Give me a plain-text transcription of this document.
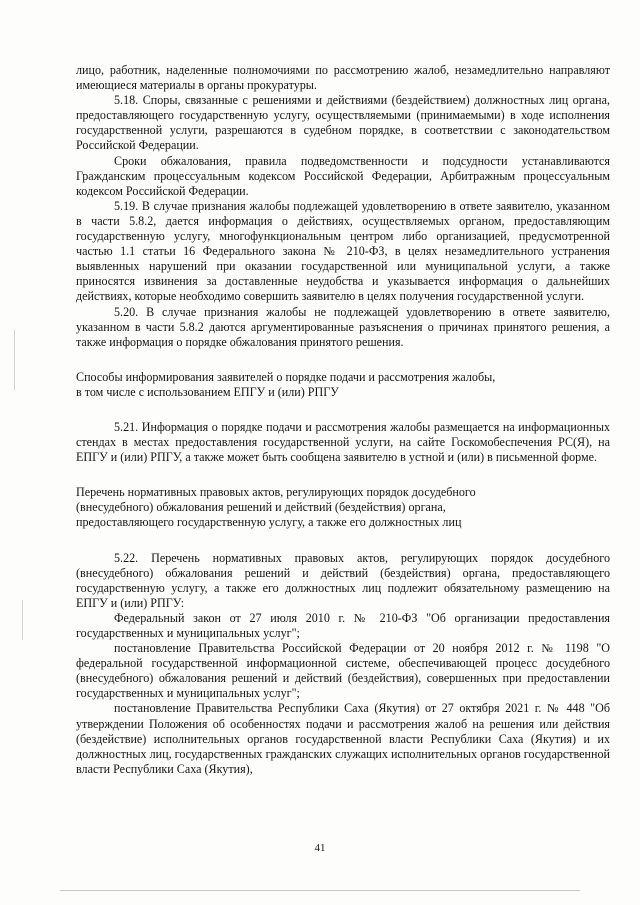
лицо, работник, наделенные полномочиями по рассмотрению жалоб, незамедлительно направляют имеющиеся материалы в органы прокуратуры.

5.18. Споры, связанные с решениями и действиями (бездействием) должностных лиц органа, предоставляющего государственную услугу, осуществляемыми (принимаемыми) в ходе исполнения государственной услуги, разрешаются в судебном порядке, в соответствии с законодательством Российской Федерации.

Сроки обжалования, правила подведомственности и подсудности устанавливаются Гражданским процессуальным кодексом Российской Федерации, Арбитражным процессуальным кодексом Российской Федерации.

5.19. В случае признания жалобы подлежащей удовлетворению в ответе заявителю, указанном в части 5.8.2, дается информация о действиях, осуществляемых органом, предоставляющим государственную услугу, многофункциональным центром либо организацией, предусмотренной частью 1.1 статьи 16 Федерального закона № 210-ФЗ, в целях незамедлительного устранения выявленных нарушений при оказании государственной или муниципальной услуги, а также приносятся извинения за доставленные неудобства и указывается информация о дальнейших действиях, которые необходимо совершить заявителю в целях получения государственной услуги.

5.20. В случае признания жалобы не подлежащей удовлетворению в ответе заявителю, указанном в части 5.8.2 даются аргументированные разъяснения о причинах принятого решения, а также информация о порядке обжалования принятого решения.

Способы информирования заявителей о порядке подачи и рассмотрения жалобы,

в том числе с использованием ЕПГУ и (или) РПГУ

5.21. Информация о порядке подачи и рассмотрения жалобы размещается на информационных стендах в местах предоставления государственной услуги, на сайте Госкомобеспечения РС(Я), на ЕПГУ и (или) РПГУ, а также может быть сообщена заявителю в устной и (или) в письменной форме.

Перечень нормативных правовых актов, регулирующих порядок досудебного

(внесудебного) обжалования решений и действий (бездействия) органа,

предоставляющего государственную услугу, а также его должностных лиц

5.22. Перечень нормативных правовых актов, регулирующих порядок досудебного (внесудебного) обжалования решений и действий (бездействия) органа, предоставляющего государственную услугу, а также его должностных лиц подлежит обязательному размещению на ЕПГУ и (или) РПГУ:

Федеральный закон от 27 июля 2010 г. № 210-ФЗ "Об организации предоставления государственных и муниципальных услуг";

постановление Правительства Российской Федерации от 20 ноября 2012 г. № 1198 "О федеральной государственной информационной системе, обеспечивающей процесс досудебного (внесудебного) обжалования решений и действий (бездействия), совершенных при предоставлении государственных и муниципальных услуг";

постановление Правительства Республики Саха (Якутия) от 27 октября 2021 г. № 448 "Об утверждении Положения об особенностях подачи и рассмотрения жалоб на решения или действия (бездействие) исполнительных органов государственной власти Республики Саха (Якутия) и их должностных лиц, государственных гражданских служащих исполнительных органов государственной власти Республики Саха (Якутия),

41
